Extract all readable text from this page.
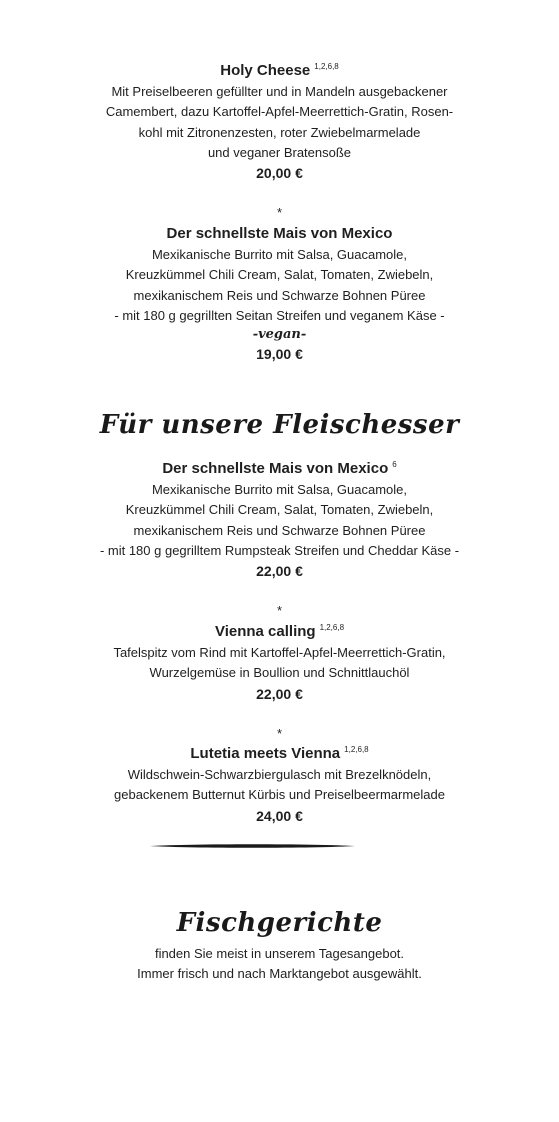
Holy Cheese $^{1,2,6,8}$
Mit Preiselbeeren gefüllter und in Mandeln ausgebackener
Camembert, dazu Kartoffel-Apfel-Meerrettich-Gratin, Rosen-
kohl mit Zitronenzesten, roter Zwiebelmarmelade
und veganer Bratensoße
20,00 €
*
Der schnellste Mais von Mexico
Mexikanische Burrito mit Salsa, Guacamole,
Kreuzkümmel Chili Cream, Salat, Tomaten, Zwiebeln,
mexikanischem Reis und Schwarze Bohnen Püree
- mit 180 g gegrillten Seitan Streifen und veganem Käse -
-vegan-
19,00 €
Für unsere Fleischesser
Der schnellste Mais von Mexico $^6$
Mexikanische Burrito mit Salsa, Guacamole,
Kreuzkümmel Chili Cream, Salat, Tomaten, Zwiebeln,
mexikanischem Reis und Schwarze Bohnen Püree
- mit 180 g gegrilltem Rumpsteak Streifen und Cheddar Käse -
22,00 €
*
Vienna calling $^{1,2,6,8}$
Tafelspitz vom Rind mit Kartoffel-Apfel-Meerrettich-Gratin,
Wurzelgemüse in Boullion und Schnittlauchöl
22,00 €
*
Lutetia meets Vienna $^{1,2,6,8}$
Wildschwein-Schwarzbiergulasch mit Brezelknödeln,
gebackenem Butternut Kürbis und Preiselbeermarmelade
24,00 €
Fischgerichte
finden Sie meist in unserem Tagesangebot.
Immer frisch und nach Marktangebot ausgewählt.
